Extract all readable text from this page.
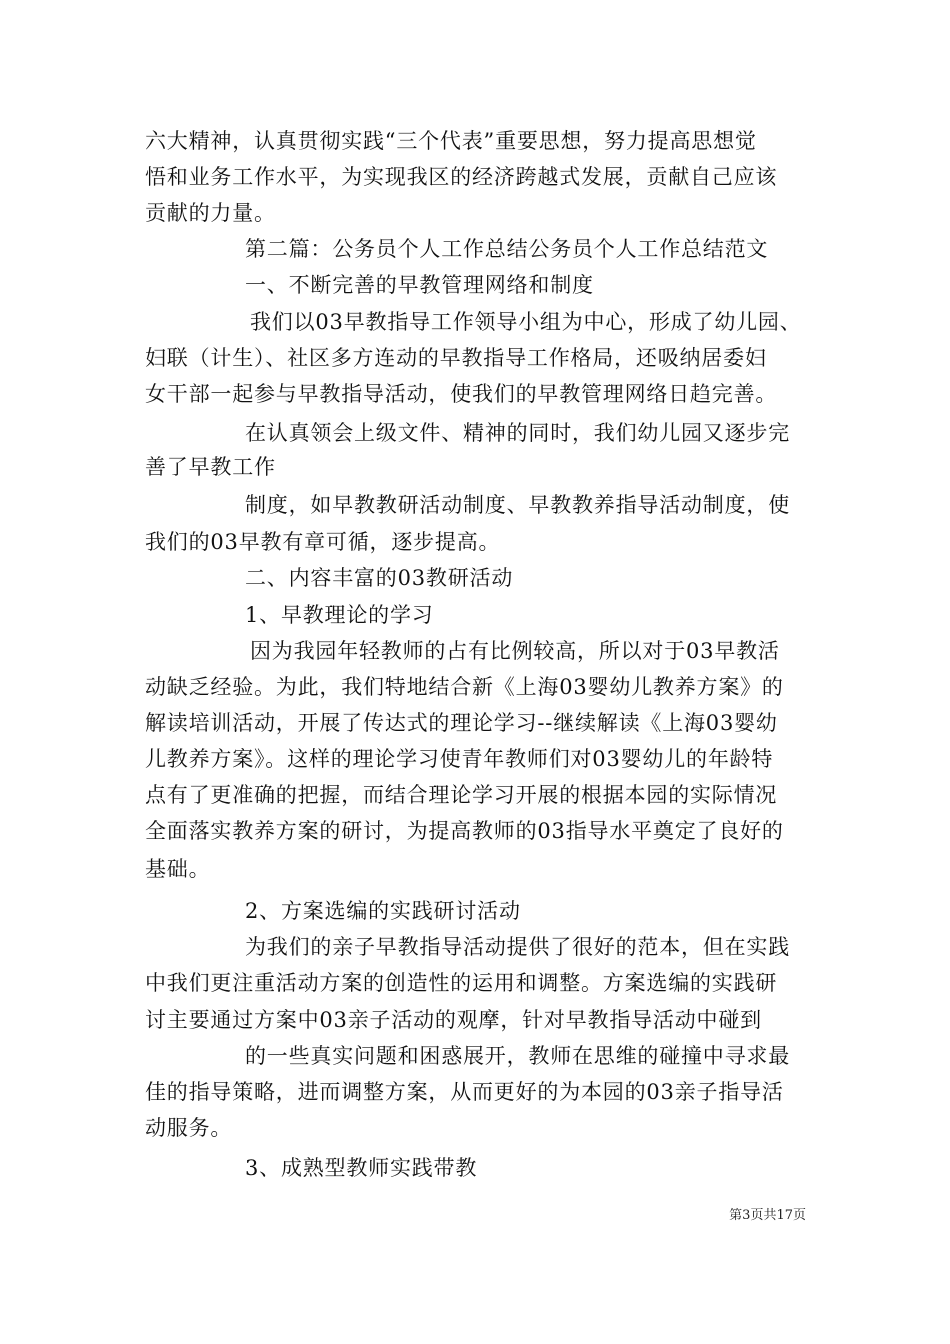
六大精神，认真贯彻实践“三个代表”重要思想，努力提高思想觉
悟和业务工作水平，为实现我区的经济跨越式发展，贡献自己应该
贡献的力量。
第二篇：公务员个人工作总结公务员个人工作总结范文
一、不断完善的早教管理网络和制度
我们以03早教指导工作领导小组为中心，形成了幼儿园、
妇联（计生）、社区多方连动的早教指导工作格局，还吸纳居委妇
女干部一起参与早教指导活动，使我们的早教管理网络日趋完善。
在认真领会上级文件、精神的同时，我们幼儿园又逐步完
善了早教工作
制度，如早教教研活动制度、早教教养指导活动制度，使
我们的03早教有章可循，逐步提高。
二、内容丰富的03教研活动
1、早教理论的学习
因为我园年轻教师的占有比例较高，所以对于03早教活
动缺乏经验。为此，我们特地结合新《上海03婴幼儿教养方案》的
解读培训活动，开展了传达式的理论学习--继续解读《上海03婴幼
儿教养方案》。这样的理论学习使青年教师们对03婴幼儿的年龄特
点有了更准确的把握，而结合理论学习开展的根据本园的实际情况
全面落实教养方案的研讨，为提高教师的03指导水平奠定了良好的
基础。
2、方案选编的实践研讨活动
为我们的亲子早教指导活动提供了很好的范本，但在实践
中我们更注重活动方案的创造性的运用和调整。方案选编的实践研
讨主要通过方案中03亲子活动的观摩，针对早教指导活动中碰到
的一些真实问题和困惑展开，教师在思维的碰撞中寻求最
佳的指导策略，进而调整方案，从而更好的为本园的03亲子指导活
动服务。
3、成熟型教师实践带教
第3页共17页
